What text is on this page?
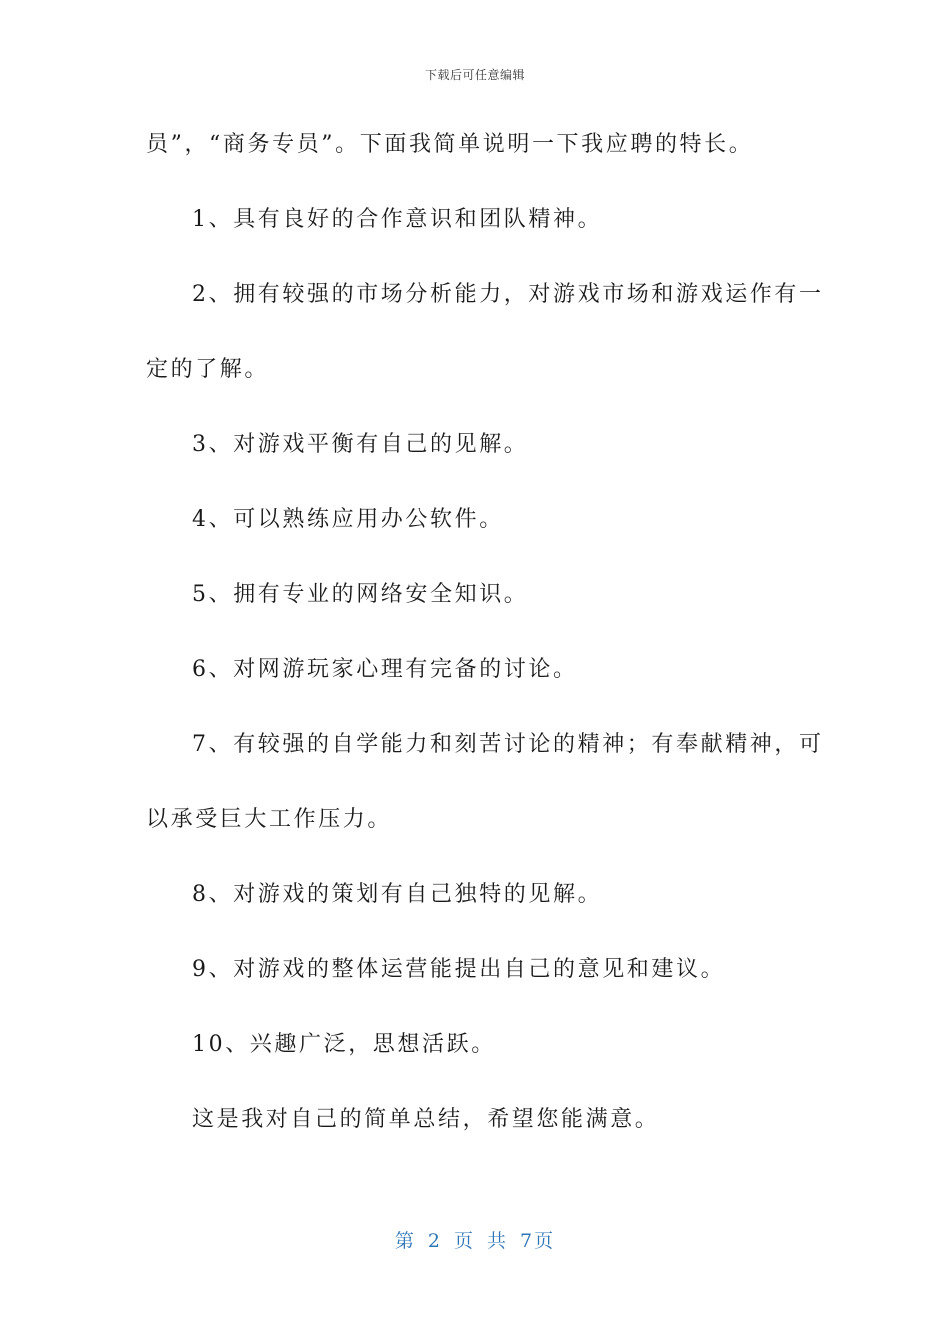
下载后可任意编辑
员”，“商务专员”。下面我简单说明一下我应聘的特长。
1、具有良好的合作意识和团队精神。
2、拥有较强的市场分析能力，对游戏市场和游戏运作有一
定的了解。
3、对游戏平衡有自己的见解。
4、可以熟练应用办公软件。
5、拥有专业的网络安全知识。
6、对网游玩家心理有完备的讨论。
7、有较强的自学能力和刻苦讨论的精神；有奉献精神，可
以承受巨大工作压力。
8、对游戏的策划有自己独特的见解。
9、对游戏的整体运营能提出自己的意见和建议。
10、兴趣广泛，思想活跃。
这是我对自己的简单总结，希望您能满意。
第 2 页 共 7页
